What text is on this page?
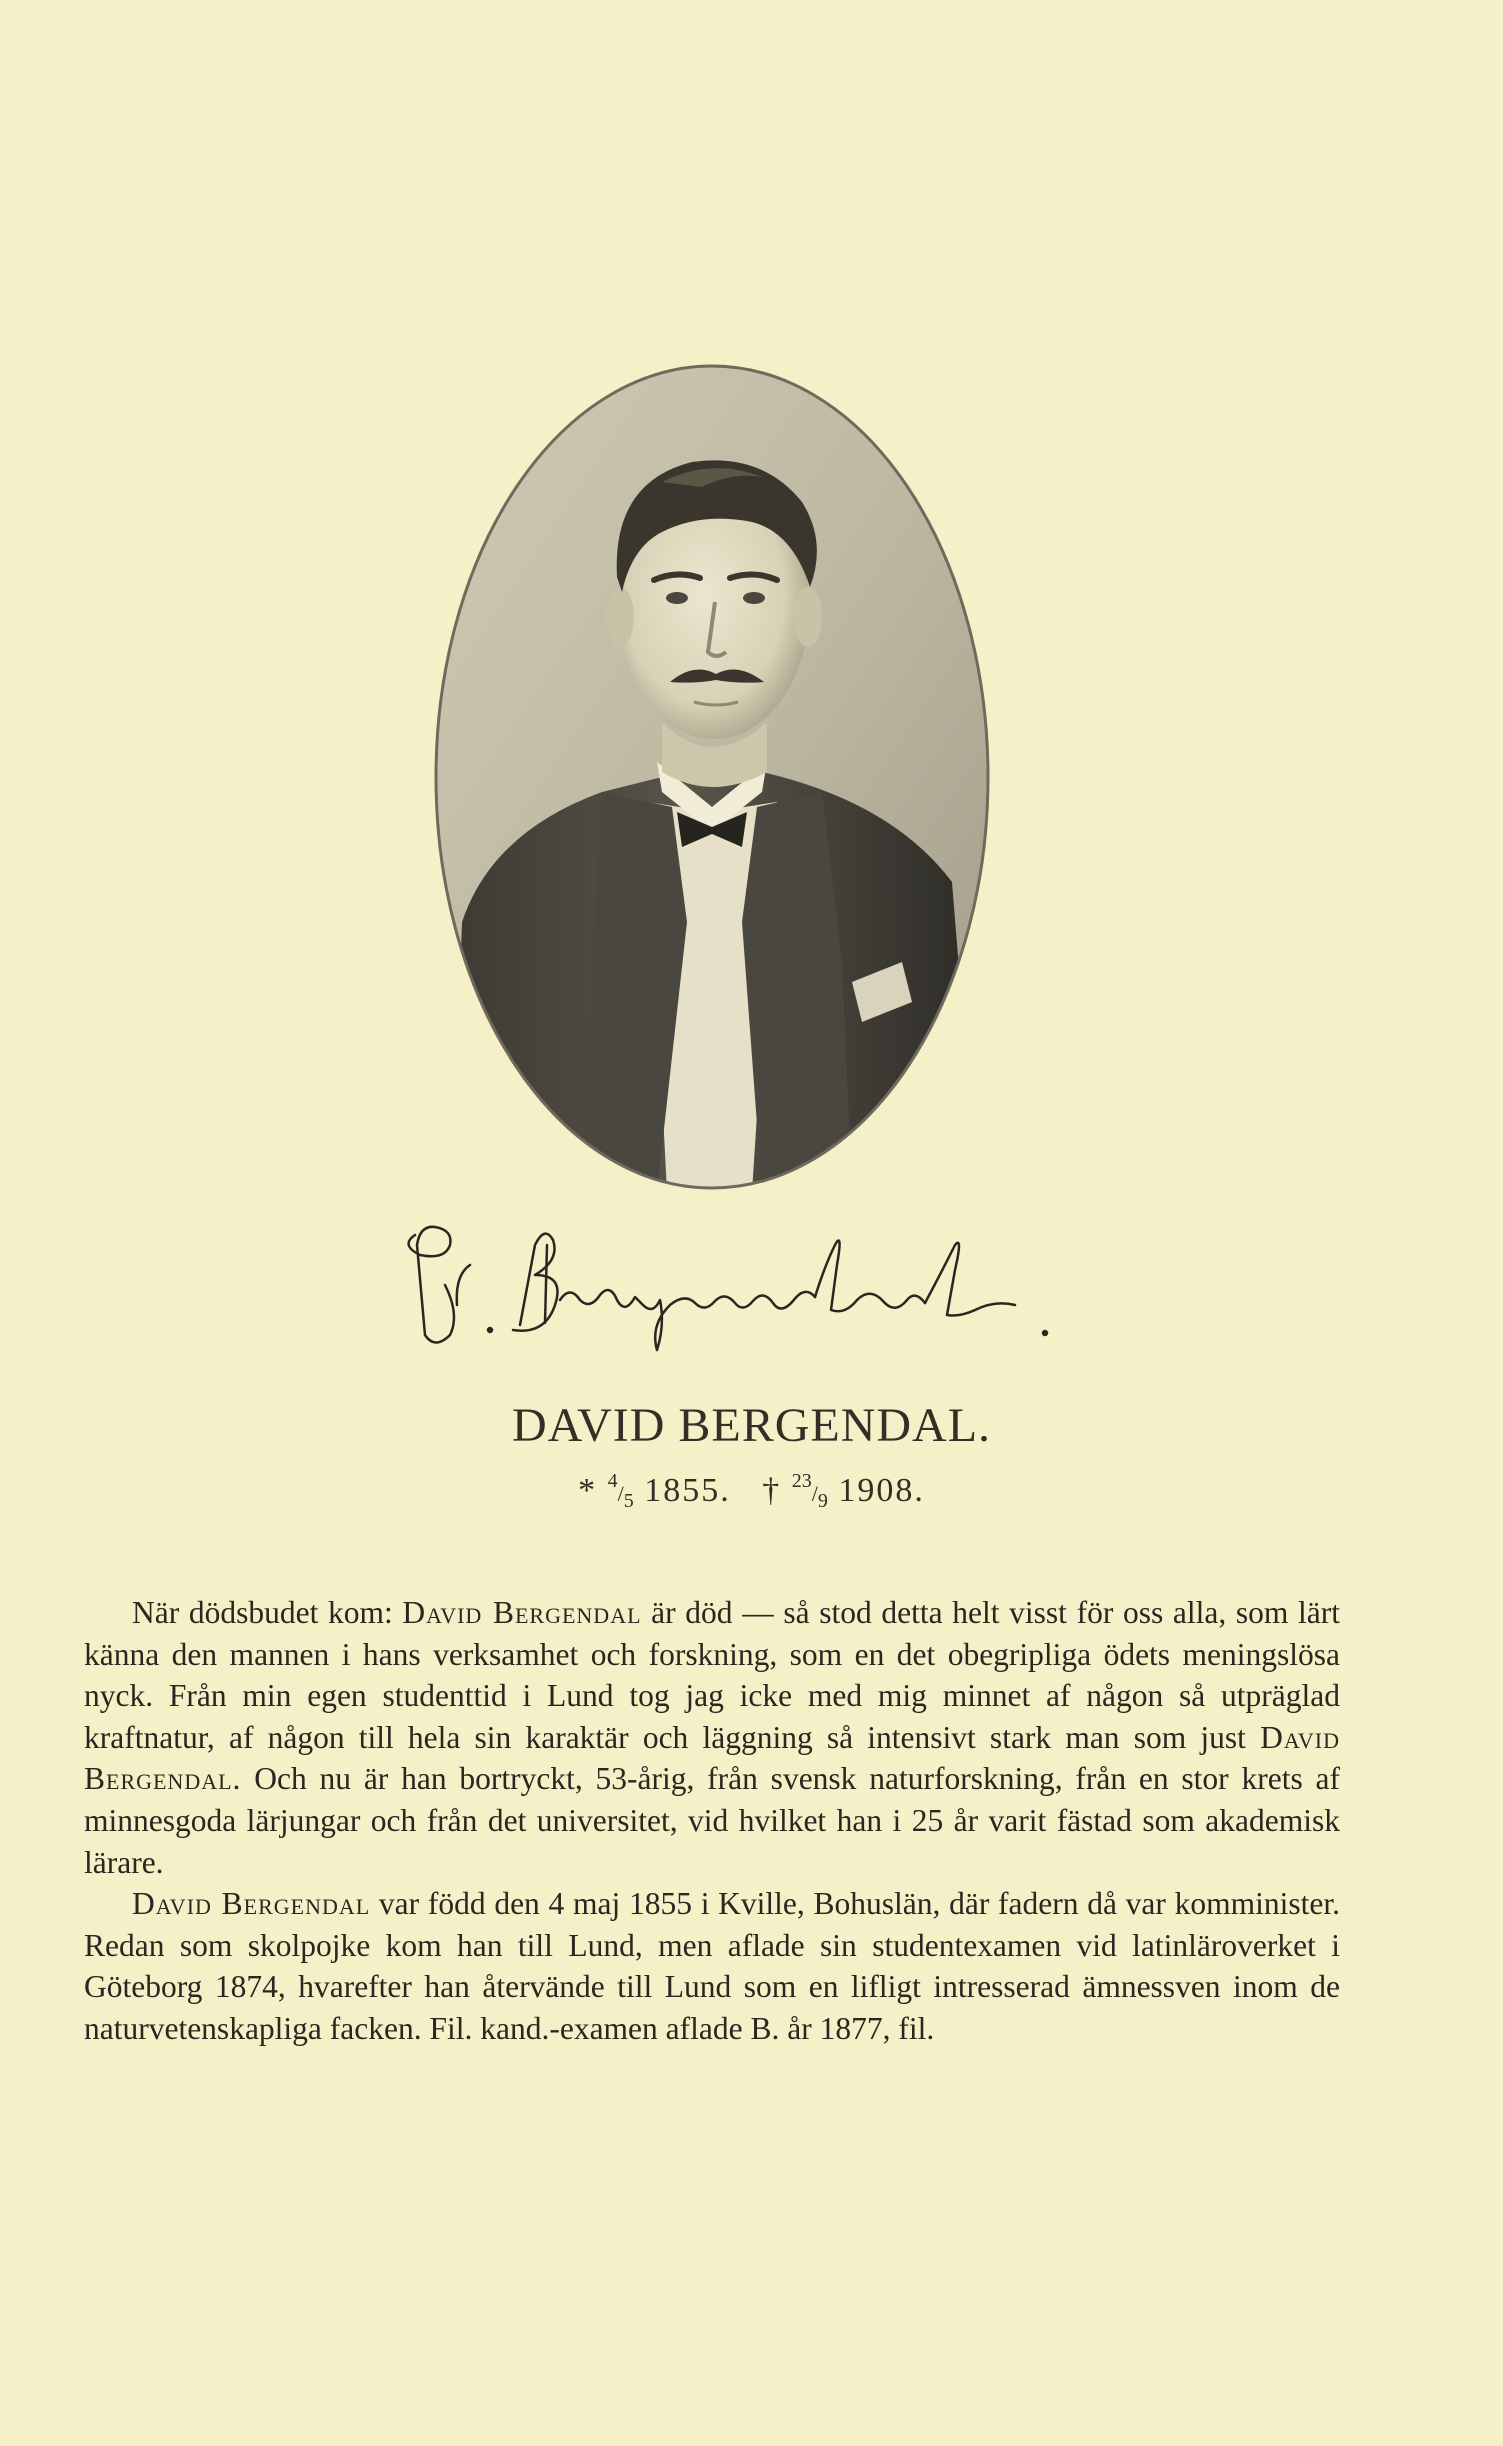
DAVID BERGENDAL.
* $^4/_5$ 1855. † $^{23}/_9$ 1908.

När dödsbudet kom: David Bergendal är död — så stod detta helt visst för oss alla, som lärt känna den mannen i hans verksamhet och forskning, som en det obegripliga ödets meningslösa nyck. Från min egen studenttid i Lund tog jag icke med mig minnet af någon så utpräglad kraftnatur, af någon till hela sin karaktär och läggning så intensivt stark man som just David Bergendal. Och nu är han bortryckt, 53-årig, från svensk naturforskning, från en stor krets af minnesgoda lärjungar och från det universitet, vid hvilket han i 25 år varit fästad som akademisk lärare.

David Bergendal var född den 4 maj 1855 i Kville, Bohuslän, där fadern då var komminister. Redan som skolpojke kom han till Lund, men aflade sin studentexamen vid latinläroverket i Göteborg 1874, hvarefter han återvände till Lund som en lifligt intresserad ämnessven inom de naturvetenskapliga facken. Fil. kand.-examen aflade B. år 1877, fil.
